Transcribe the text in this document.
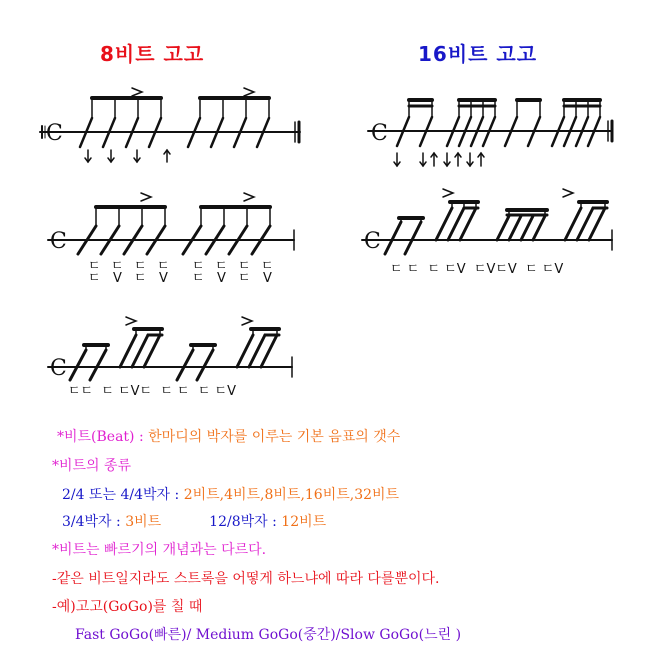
8비트 고고	16비트 고고
C	C
C	C
C
ㄷ ㄷ ㄷ ㄷ ㄷ ㄷ ㄷ ㄷ
ㄷ V ㄷ V ㄷ V ㄷ V
ㄷ ㄷ  ㄷ ㄷV  ㄷVㄷV  ㄷ ㄷV
ㄷㄷ  ㄷ ㄷVㄷ  ㄷ ㄷ  ㄷ ㄷV
*비트(Beat) : 한마디의 박자를 이루는 기본 음표의 갯수
*비트의 종류
2/4 또는 4/4박자 : 2비트,4비트,8비트,16비트,32비트
3/4박자 : 3비트	12/8박자 : 12비트
*비트는 빠르기의 개념과는 다르다.
-같은 비트일지라도 스트록을 어떻게 하느냐에 따라 다를뿐이다.
-예)고고(GoGo)를 칠 때
Fast GoGo(빠른)/ Medium GoGo(중간)/Slow GoGo(느린 )
